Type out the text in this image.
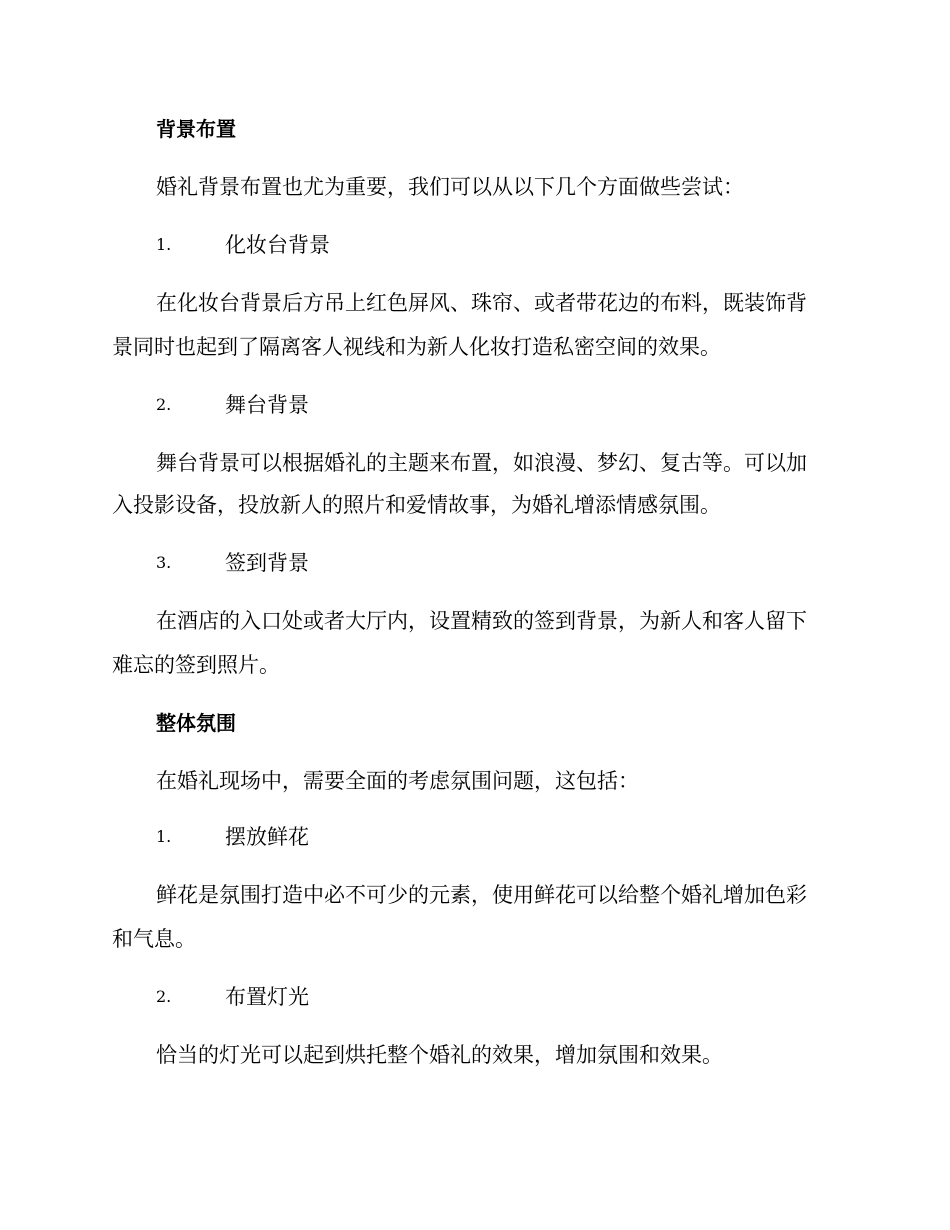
背景布置
婚礼背景布置也尤为重要，我们可以从以下几个方面做些尝试：
1.	化妆台背景
在化妆台背景后方吊上红色屏风、珠帘、或者带花边的布料，既装饰背
景同时也起到了隔离客人视线和为新人化妆打造私密空间的效果。
2.	舞台背景
舞台背景可以根据婚礼的主题来布置，如浪漫、梦幻、复古等。可以加
入投影设备，投放新人的照片和爱情故事，为婚礼增添情感氛围。
3.	签到背景
在酒店的入口处或者大厅内，设置精致的签到背景，为新人和客人留下
难忘的签到照片。
整体氛围
在婚礼现场中，需要全面的考虑氛围问题，这包括：
1.	摆放鲜花
鲜花是氛围打造中必不可少的元素，使用鲜花可以给整个婚礼增加色彩
和气息。
2.	布置灯光
恰当的灯光可以起到烘托整个婚礼的效果，增加氛围和效果。
